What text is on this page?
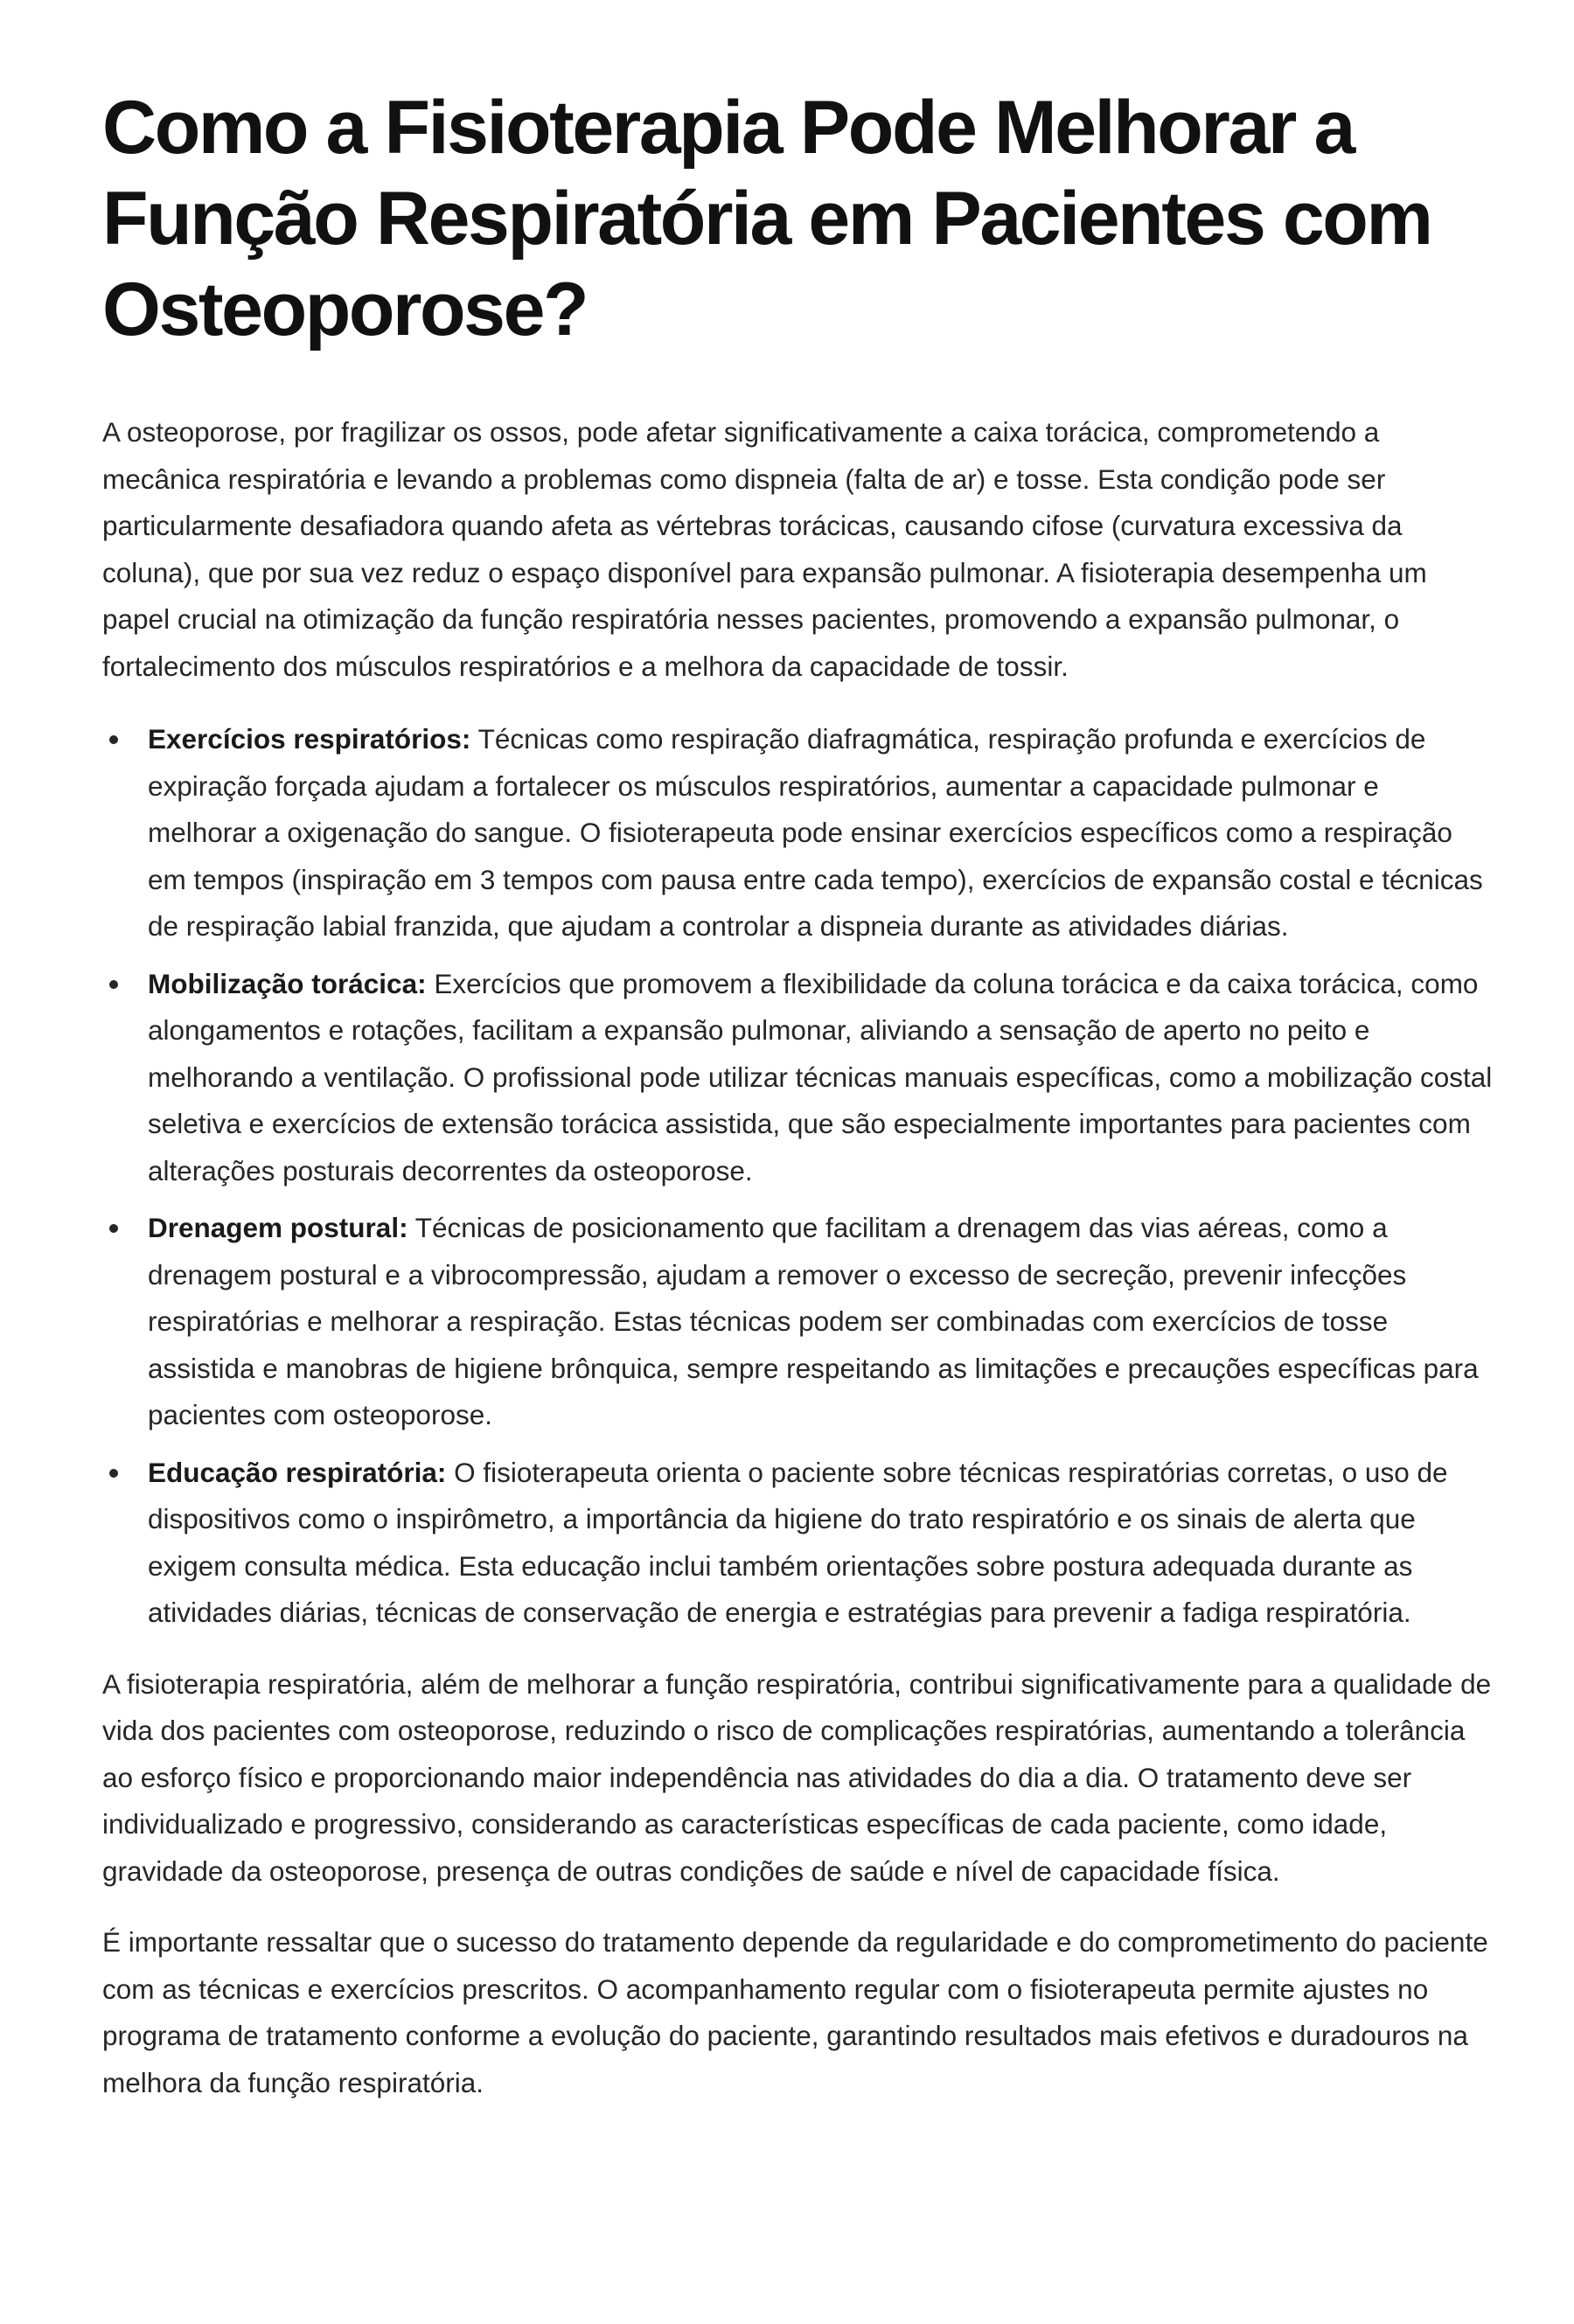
Como a Fisioterapia Pode Melhorar a Função Respiratória em Pacientes com Osteoporose?

A osteoporose, por fragilizar os ossos, pode afetar significativamente a caixa torácica, comprometendo a mecânica respiratória e levando a problemas como dispneia (falta de ar) e tosse. Esta condição pode ser particularmente desafiadora quando afeta as vértebras torácicas, causando cifose (curvatura excessiva da coluna), que por sua vez reduz o espaço disponível para expansão pulmonar. A fisioterapia desempenha um papel crucial na otimização da função respiratória nesses pacientes, promovendo a expansão pulmonar, o fortalecimento dos músculos respiratórios e a melhora da capacidade de tossir.

Exercícios respiratórios: Técnicas como respiração diafragmática, respiração profunda e exercícios de expiração forçada ajudam a fortalecer os músculos respiratórios, aumentar a capacidade pulmonar e melhorar a oxigenação do sangue. O fisioterapeuta pode ensinar exercícios específicos como a respiração em tempos (inspiração em 3 tempos com pausa entre cada tempo), exercícios de expansão costal e técnicas de respiração labial franzida, que ajudam a controlar a dispneia durante as atividades diárias.
Mobilização torácica: Exercícios que promovem a flexibilidade da coluna torácica e da caixa torácica, como alongamentos e rotações, facilitam a expansão pulmonar, aliviando a sensação de aperto no peito e melhorando a ventilação. O profissional pode utilizar técnicas manuais específicas, como a mobilização costal seletiva e exercícios de extensão torácica assistida, que são especialmente importantes para pacientes com alterações posturais decorrentes da osteoporose.
Drenagem postural: Técnicas de posicionamento que facilitam a drenagem das vias aéreas, como a drenagem postural e a vibrocompressão, ajudam a remover o excesso de secreção, prevenir infecções respiratórias e melhorar a respiração. Estas técnicas podem ser combinadas com exercícios de tosse assistida e manobras de higiene brônquica, sempre respeitando as limitações e precauções específicas para pacientes com osteoporose.
Educação respiratória: O fisioterapeuta orienta o paciente sobre técnicas respiratórias corretas, o uso de dispositivos como o inspirômetro, a importância da higiene do trato respiratório e os sinais de alerta que exigem consulta médica. Esta educação inclui também orientações sobre postura adequada durante as atividades diárias, técnicas de conservação de energia e estratégias para prevenir a fadiga respiratória.

A fisioterapia respiratória, além de melhorar a função respiratória, contribui significativamente para a qualidade de vida dos pacientes com osteoporose, reduzindo o risco de complicações respiratórias, aumentando a tolerância ao esforço físico e proporcionando maior independência nas atividades do dia a dia. O tratamento deve ser individualizado e progressivo, considerando as características específicas de cada paciente, como idade, gravidade da osteoporose, presença de outras condições de saúde e nível de capacidade física.

É importante ressaltar que o sucesso do tratamento depende da regularidade e do comprometimento do paciente com as técnicas e exercícios prescritos. O acompanhamento regular com o fisioterapeuta permite ajustes no programa de tratamento conforme a evolução do paciente, garantindo resultados mais efetivos e duradouros na melhora da função respiratória.
